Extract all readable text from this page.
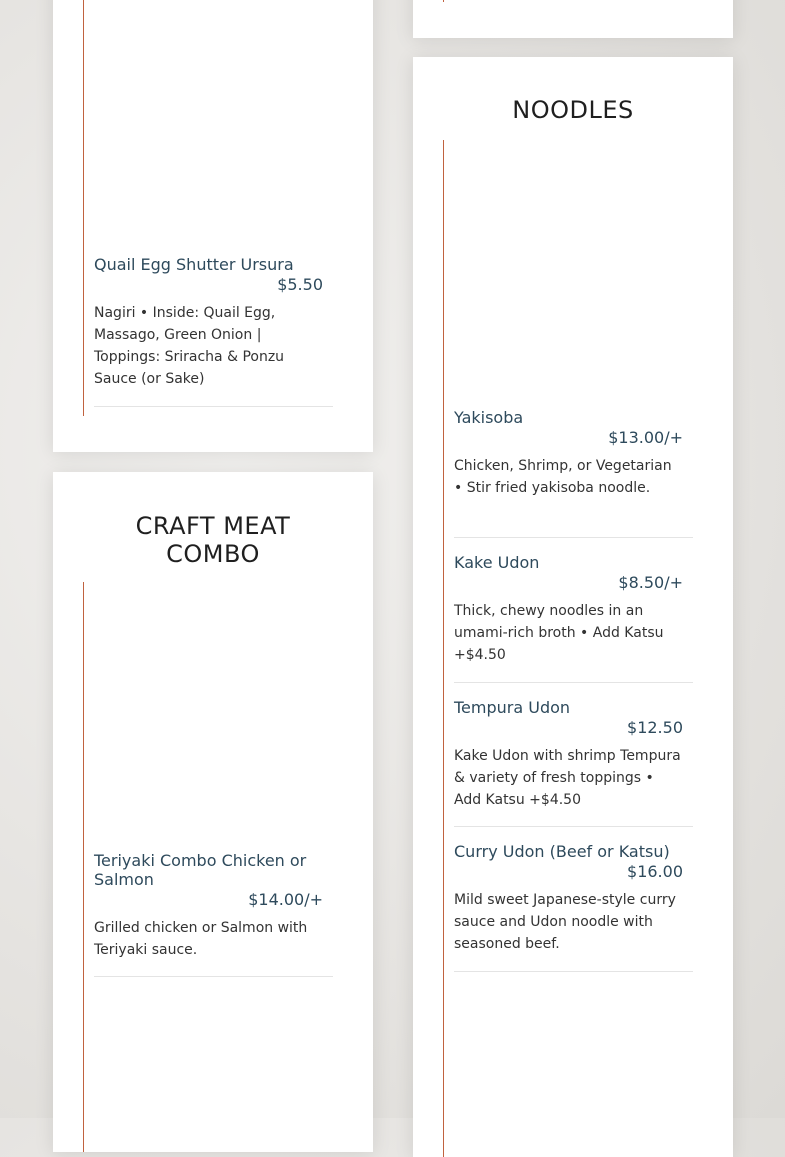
Quail Egg Shutter Ursura
$5.50
Nagiri • Inside: Quail Egg, Massago, Green Onion | Toppings: Sriracha & Ponzu Sauce (or Sake)
CRAFT MEAT
COMBO
Teriyaki Combo Chicken or Salmon
$14.00/+
Grilled chicken or Salmon with Teriyaki sauce.
NOODLES
Yakisoba
$13.00/+
Chicken, Shrimp, or Vegetarian • Stir fried yakisoba noodle.
Kake Udon
$8.50/+
Thick, chewy noodles in an umami-rich broth • Add Katsu +$4.50
Tempura Udon
$12.50
Kake Udon with shrimp Tempura & variety of fresh toppings • Add Katsu +$4.50
Curry Udon (Beef or Katsu)
$16.00
Mild sweet Japanese-style curry sauce and Udon noodle with seasoned beef.
